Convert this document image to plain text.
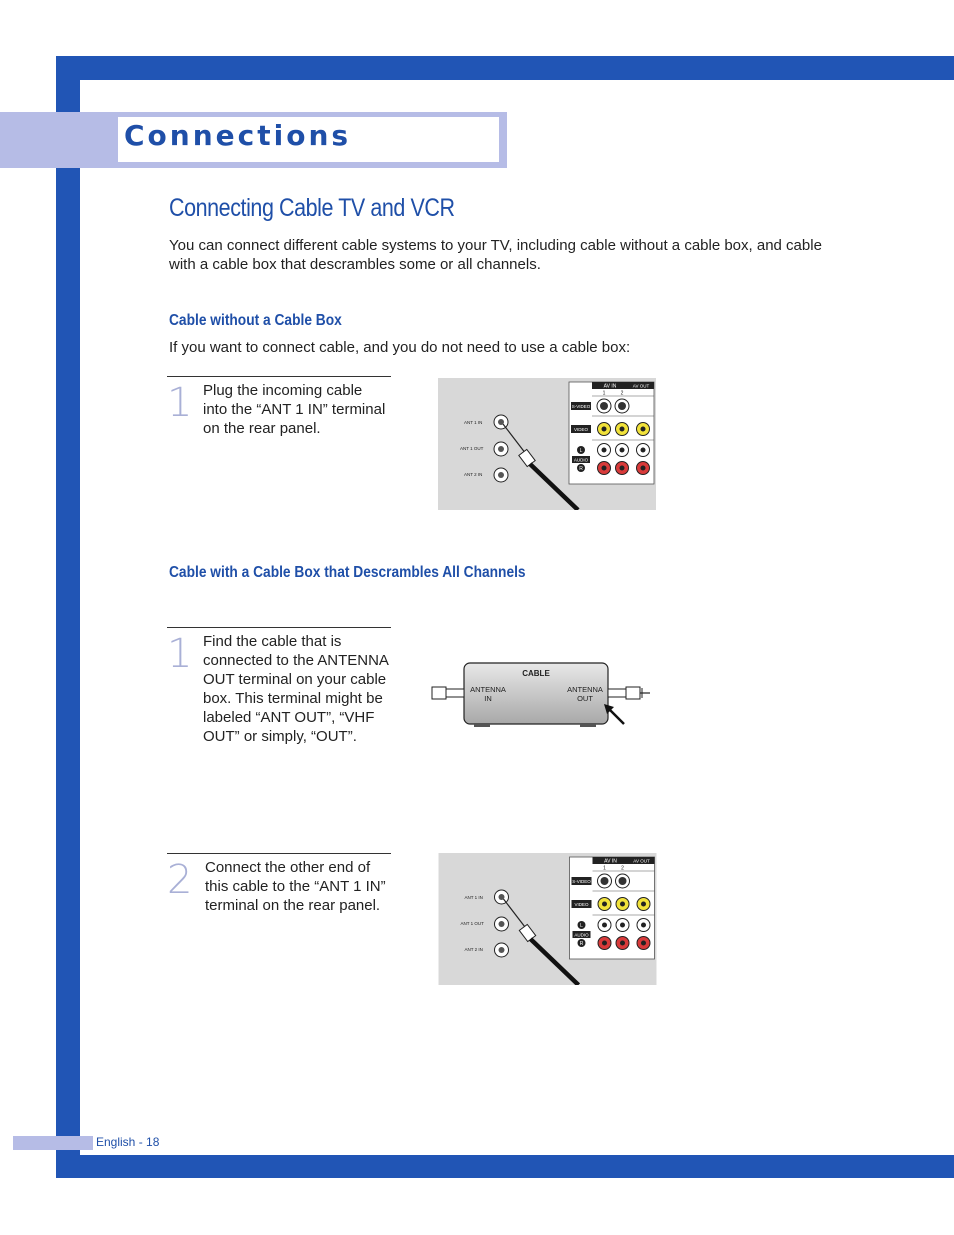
Connections
Connecting Cable TV and VCR

You can connect different cable systems to your TV, including cable without a cable box, and cable with a cable box that descrambles some or all channels.

Cable without a Cable Box

If you want to connect cable, and you do not need to use a cable box:

1 Plug the incoming cable into the “ANT 1 IN” terminal on the rear panel.

AV IN	AV OUT
1	2
S-VIDEO
VIDEO
L
AUDIO
R
ANT 1 IN
ANT 1 OUT
ANT 2 IN
Cable with a Cable Box that Descrambles All Channels
1 Find the cable that is connected to the ANTENNA OUT terminal on your cable box. This terminal might be labeled “ANT OUT”, “VHF OUT” or simply, “OUT”.

CABLE
ANTENNA
IN
ANTENNA
OUT
2 Connect the other end of this cable to the “ANT 1 IN” terminal on the rear panel.

AV IN	AV OUT
1	2
S-VIDEO
VIDEO
L
AUDIO
R
ANT 1 IN
ANT 1 OUT
ANT 2 IN

English - 18
